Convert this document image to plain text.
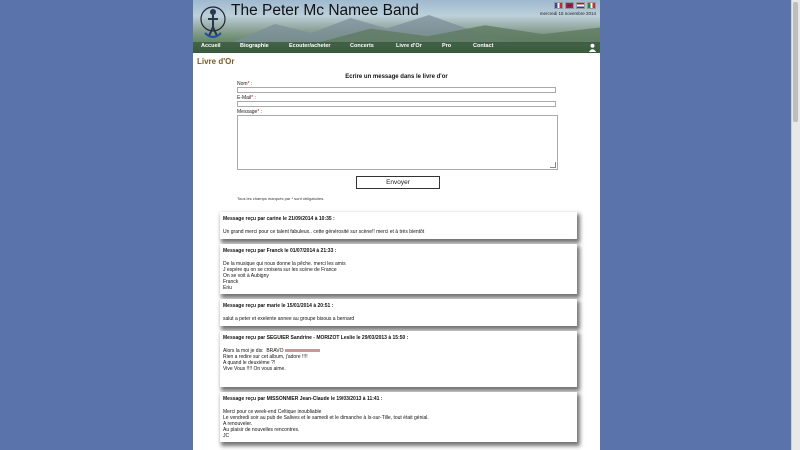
The Peter Mc Namee Band	mercredi 15 novembre 2014
Accueil	Biographie	Ecouter/acheter	Concerts	Livre d'Or	Pro	Contact
Livre d'Or
Ecrire un message dans le livre d'or
Nom* :
E-Mail* :
Message* :
Envoyer
Tous les champs marqués par * sont obligatoires.
Message reçu par carine le 21/09/2014 à 10:35 :
Un grand merci pour ce talent fabuleux.. cette générosité sur scène!! merci et à très bientôt
Message reçu par Franck le 01/07/2014 à 21:33 :
De la musique qui nous donne la pêche. merci les amis
J espère qu on se croisera sur les scène de France
On se voit à Aubigny
Franck
Eriu
Message reçu par marie le 15/01/2014 à 20:51 :
salut a peter et exelente annee au groupe bisous a bernard
Message reçu par SEGUIER Sandrine - MORIZOT Leslie le 29/03/2013 à 15:50 :
Alors la moi je dis:  BRAVO
Rien a redire sur cet album, j'adore !!!!
A quand le deuxième ?!
Vive Vous !!!! On vous aime.
Message reçu par MISSONNIER Jean-Claude le 19/03/2013 à 11:41 :
Merci pour ce week-end Celtique inoubliable
Le vendredi soir au pub de Salives et le samedi et le dimanche à Is-sur-Tille, tout était génial.
A renouveler.
Au plaisir de nouvelles rencontres.
JC
